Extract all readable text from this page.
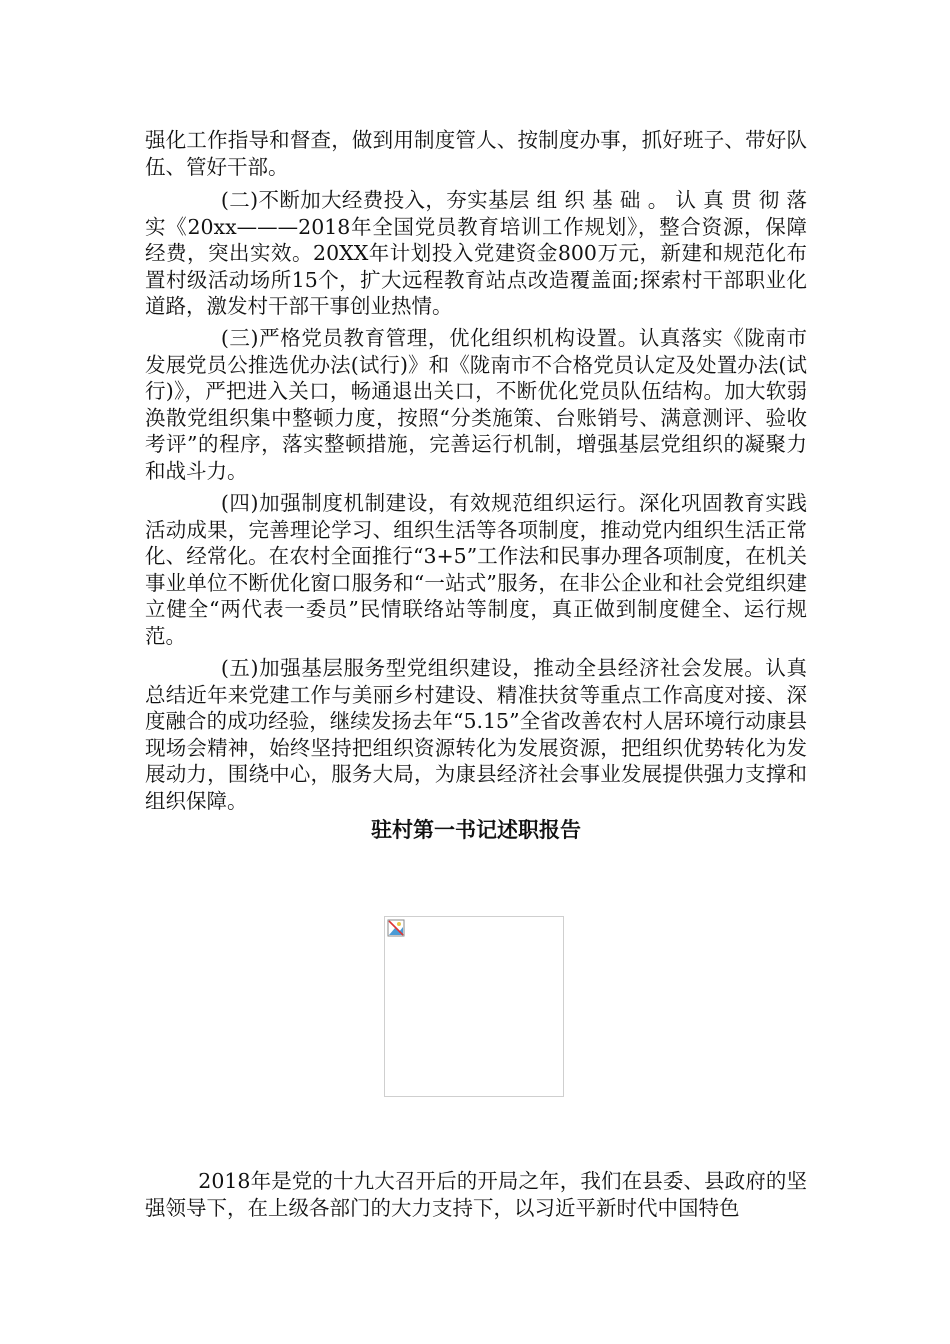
强化工作指导和督查，做到用制度管人、按制度办事，抓好班子、带好队伍、管好干部。

(二)不断加大经费投入，夯实基层 组 织 基 础 。 认 真 贯 彻 落 实《20xx———2018年全国党员教育培训工作规划》，整合资源，保障经费，突出实效。20XX年计划投入党建资金800万元，新建和规范化布置村级活动场所15个，扩大远程教育站点改造覆盖面;探索村干部职业化道路，激发村干部干事创业热情。

(三)严格党员教育管理，优化组织机构设置。认真落实《陇南市发展党员公推选优办法(试行)》和《陇南市不合格党员认定及处置办法(试行)》，严把进入关口，畅通退出关口，不断优化党员队伍结构。加大软弱涣散党组织集中整顿力度，按照“分类施策、台账销号、满意测评、验收考评”的程序，落实整顿措施，完善运行机制，增强基层党组织的凝聚力和战斗力。

(四)加强制度机制建设，有效规范组织运行。深化巩固教育实践活动成果，完善理论学习、组织生活等各项制度，推动党内组织生活正常化、经常化。在农村全面推行“3+5”工作法和民事办理各项制度，在机关事业单位不断优化窗口服务和“一站式”服务，在非公企业和社会党组织建立健全“两代表一委员”民情联络站等制度，真正做到制度健全、运行规范。

(五)加强基层服务型党组织建设，推动全县经济社会发展。认真总结近年来党建工作与美丽乡村建设、精准扶贫等重点工作高度对接、深度融合的成功经验，继续发扬去年“5.15”全省改善农村人居环境行动康县现场会精神，始终坚持把组织资源转化为发展资源，把组织优势转化为发展动力，围绕中心，服务大局，为康县经济社会事业发展提供强力支撑和组织保障。

驻村第一书记述职报告

2018年是党的十九大召开后的开局之年，我们在县委、县政府的坚强领导下，在上级各部门的大力支持下，以习近平新时代中国特色
